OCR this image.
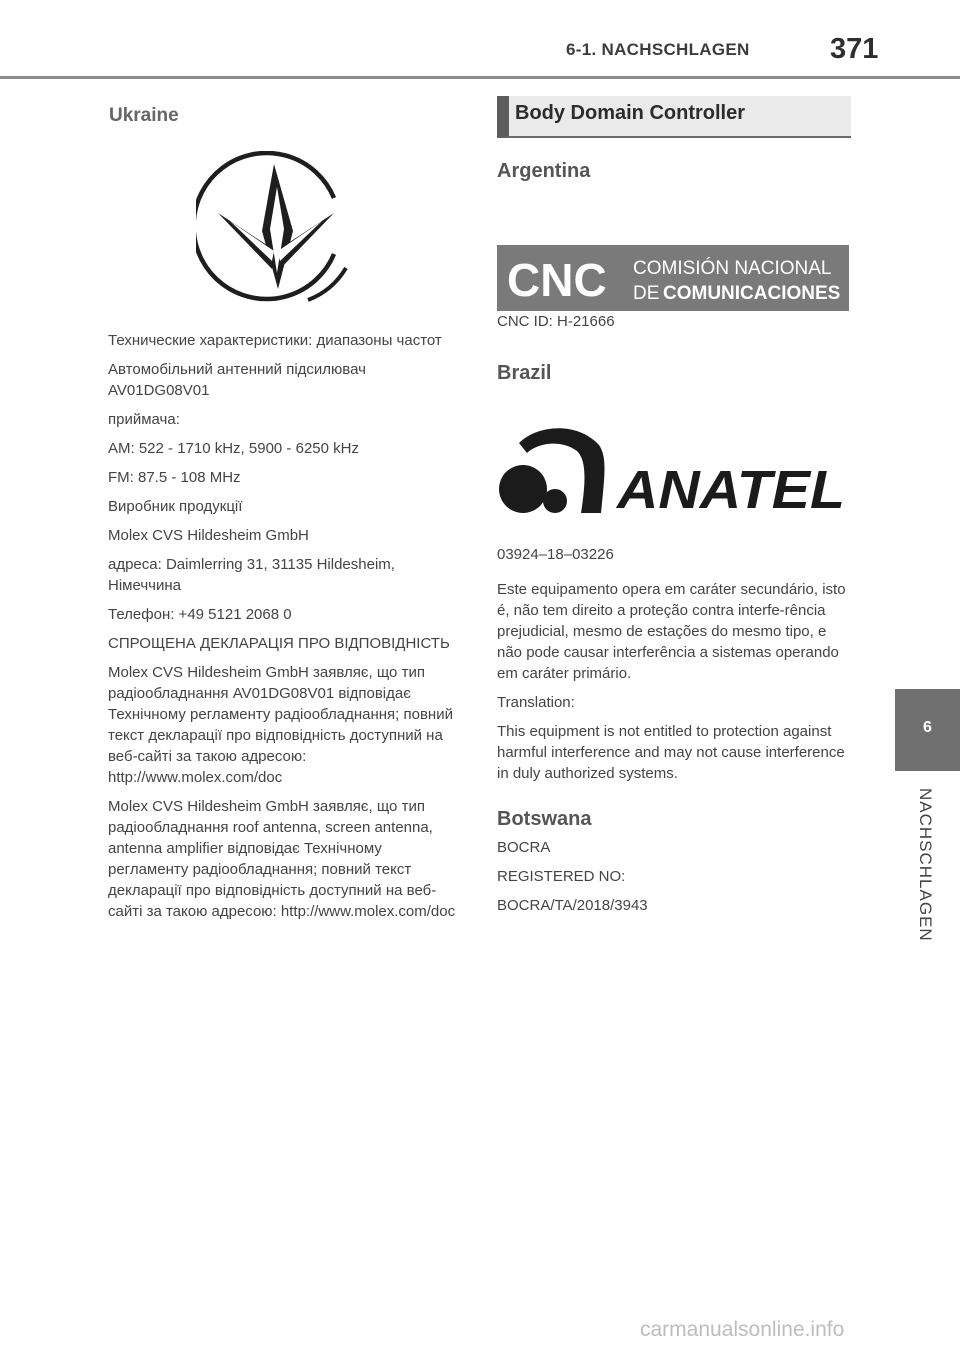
6-1. NACHSCHLAGEN	371
Ukraine

Технические характеристики: диапазоны частот

Автомобільний антенний підсилювач AV01DG08V01

приймача:

AM: 522 - 1710 kHz, 5900 - 6250 kHz

FM: 87.5 - 108 MHz

Виробник продукції

Molex CVS Hildesheim GmbH

адреса: Daimlerring 31, 31135 Hildesheim, Німеччина

Телефон: +49 5121 2068 0

СПРОЩЕНА ДЕКЛАРАЦІЯ ПРО ВІДПОВІДНІСТЬ

Molex CVS Hildesheim GmbH заявляє, що тип радіообладнання AV01DG08V01 відповідає Технічному регламенту радіообладнання; повний текст декларації про відповідність доступний на веб-сайті за такою адресою: http://www.molex.com/doc

Molex CVS Hildesheim GmbH заявляє, що тип радіообладнання roof antenna, screen antenna, antenna amplifier відповідає Технічному регламенту радіообладнання; повний текст декларації про відповідність доступний на веб-сайті за такою адресою: http://www.molex.com/doc

Body Domain Controller
Argentina
CNC COMISIÓN NACIONAL
DE COMUNICACIONES

CNC ID: H-21666

Brazil
ANATEL

03924–18–03226

Este equipamento opera em caráter secundário, isto é, não tem direito a proteção contra interfe-rência prejudicial, mesmo de estações do mesmo tipo, e não pode causar interferência a sistemas operando em caráter primário.

Translation:

This equipment is not entitled to protection against harmful interference and may not cause interference in duly authorized systems.

Botswana

BOCRA

REGISTERED NO:

BOCRA/TA/2018/3943

6
NACHSCHLAGEN
carmanualsonline.info
